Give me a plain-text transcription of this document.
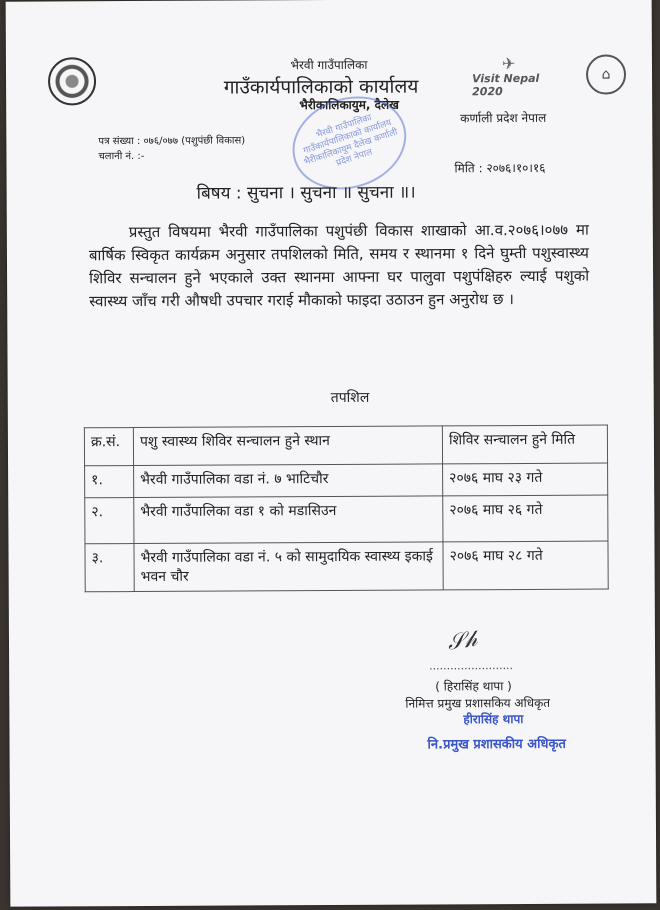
✈
Visit Nepal 2020
⌂
भैरवी गाउँपालिका
गाउँकार्यपालिकाको कार्यालय
भैरीकालिकायुम, दैलेख
कर्णाली प्रदेश नेपाल
भैरवी गाउँपालिका गाउँकार्यपालिकाको कार्यालय भैरीकालिकायुम दैलेख कर्णाली प्रदेश नेपाल
पत्र संख्या : ०७६/०७७ (पशुपंछी विकास)
चलानी नं. :-
मिति : २०७६।१०।१६
बिषय : सुचना । सुचना ॥ सुचना ॥।
प्रस्तुत विषयमा भैरवी गाउँपालिका पशुपंछी विकास शाखाको आ.व.२०७६।०७७ मा बार्षिक स्विकृत कार्यक्रम अनुसार तपशिलको मिति, समय र स्थानमा १ दिने घुम्ती पशुस्वास्थ्य शिविर सन्चालन हुने भएकाले उक्त स्थानमा आफ्ना घर पालुवा पशुपंक्षिहरु ल्याई पशुको स्वास्थ्य जाँच गरी औषधी उपचार गराई मौकाको फाइदा उठाउन हुन अनुरोध छ ।
तपशिल
क्र.सं.	पशु स्वास्थ्य शिविर सन्चालन हुने स्थान	शिविर सन्चालन हुने मिति
१.	भैरवी गाउँपालिका वडा नं. ७ भाटिचौर	२०७६ माघ २३ गते
२.	भैरवी गाउँपालिका वडा १ को मडासिउन	२०७६ माघ २६ गते
३.	भैरवी गाउँपालिका वडा नं. ५ को सामुदायिक स्वास्थ्य इकाई भवन चौर	२०७६ माघ २८ गते
𝒮𝒽
........................
( हिरासिंह थापा )
निमित्त प्रमुख प्रशासकिय अधिकृत
हीरासिंह थापा
नि.प्रमुख प्रशासकीय अधिकृत
